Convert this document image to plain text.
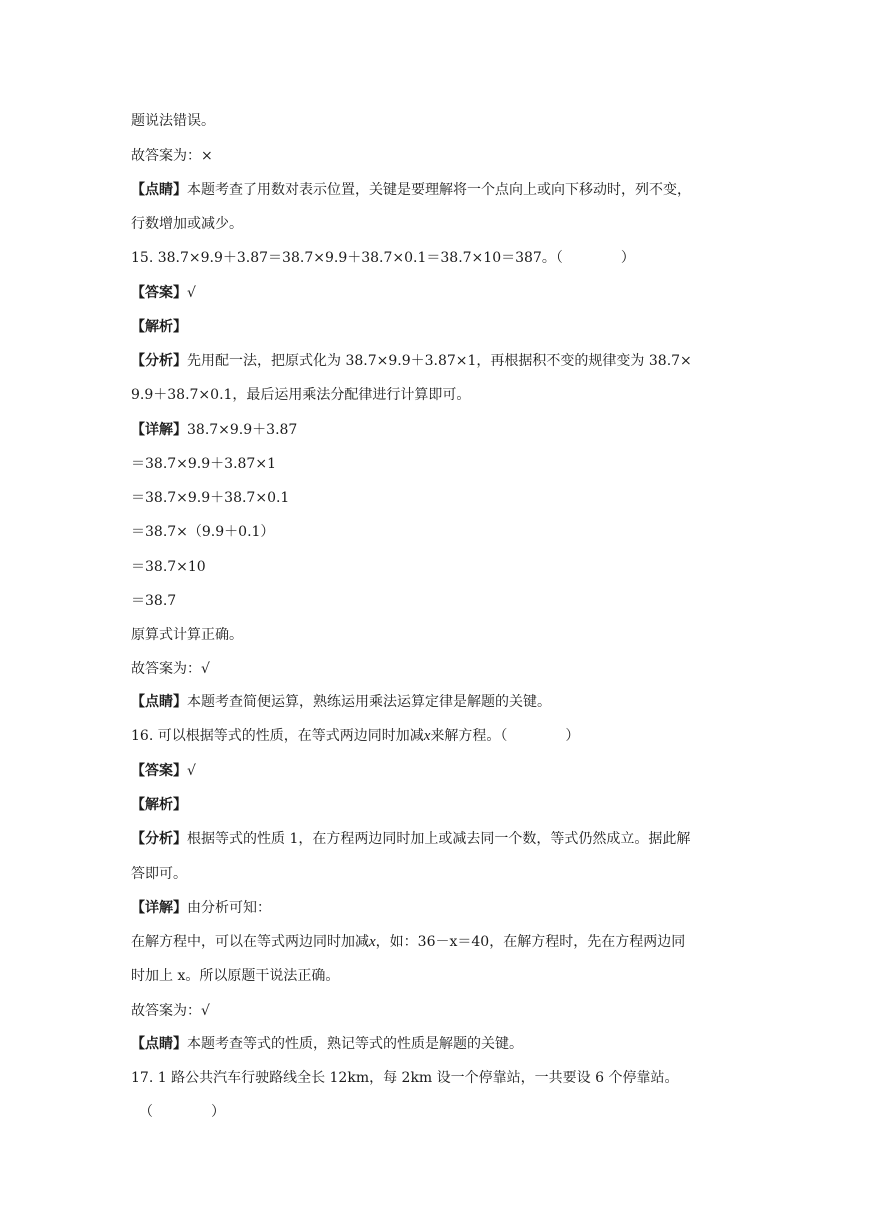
题说法错误。
故答案为：×
【点睛】本题考查了用数对表示位置，关键是要理解将一个点向上或向下移动时，列不变，
行数增加或减少。
15. 38.7×9.9＋3.87＝38.7×9.9＋38.7×0.1＝38.7×10＝387。（	）
【答案】√
【解析】
【分析】先用配一法，把原式化为 38.7×9.9＋3.87×1，再根据积不变的规律变为 38.7×
9.9＋38.7×0.1，最后运用乘法分配律进行计算即可。
【详解】38.7×9.9＋3.87
＝38.7×9.9＋3.87×1
＝38.7×9.9＋38.7×0.1
＝38.7×（9.9＋0.1）
＝38.7×10
＝38.7
原算式计算正确。
故答案为：√
【点睛】本题考查简便运算，熟练运用乘法运算定律是解题的关键。
16. 可以根据等式的性质，在等式两边同时加减x来解方程。（	）
【答案】√
【解析】
【分析】根据等式的性质 1，在方程两边同时加上或减去同一个数，等式仍然成立。据此解
答即可。
【详解】由分析可知：
在解方程中，可以在等式两边同时加减x，如：36－x＝40，在解方程时，先在方程两边同
时加上 x。所以原题干说法正确。
故答案为：√
【点睛】本题考查等式的性质，熟记等式的性质是解题的关键。
17. 1 路公共汽车行驶路线全长 12km，每 2km 设一个停靠站，一共要设 6 个停靠站。
（	）
